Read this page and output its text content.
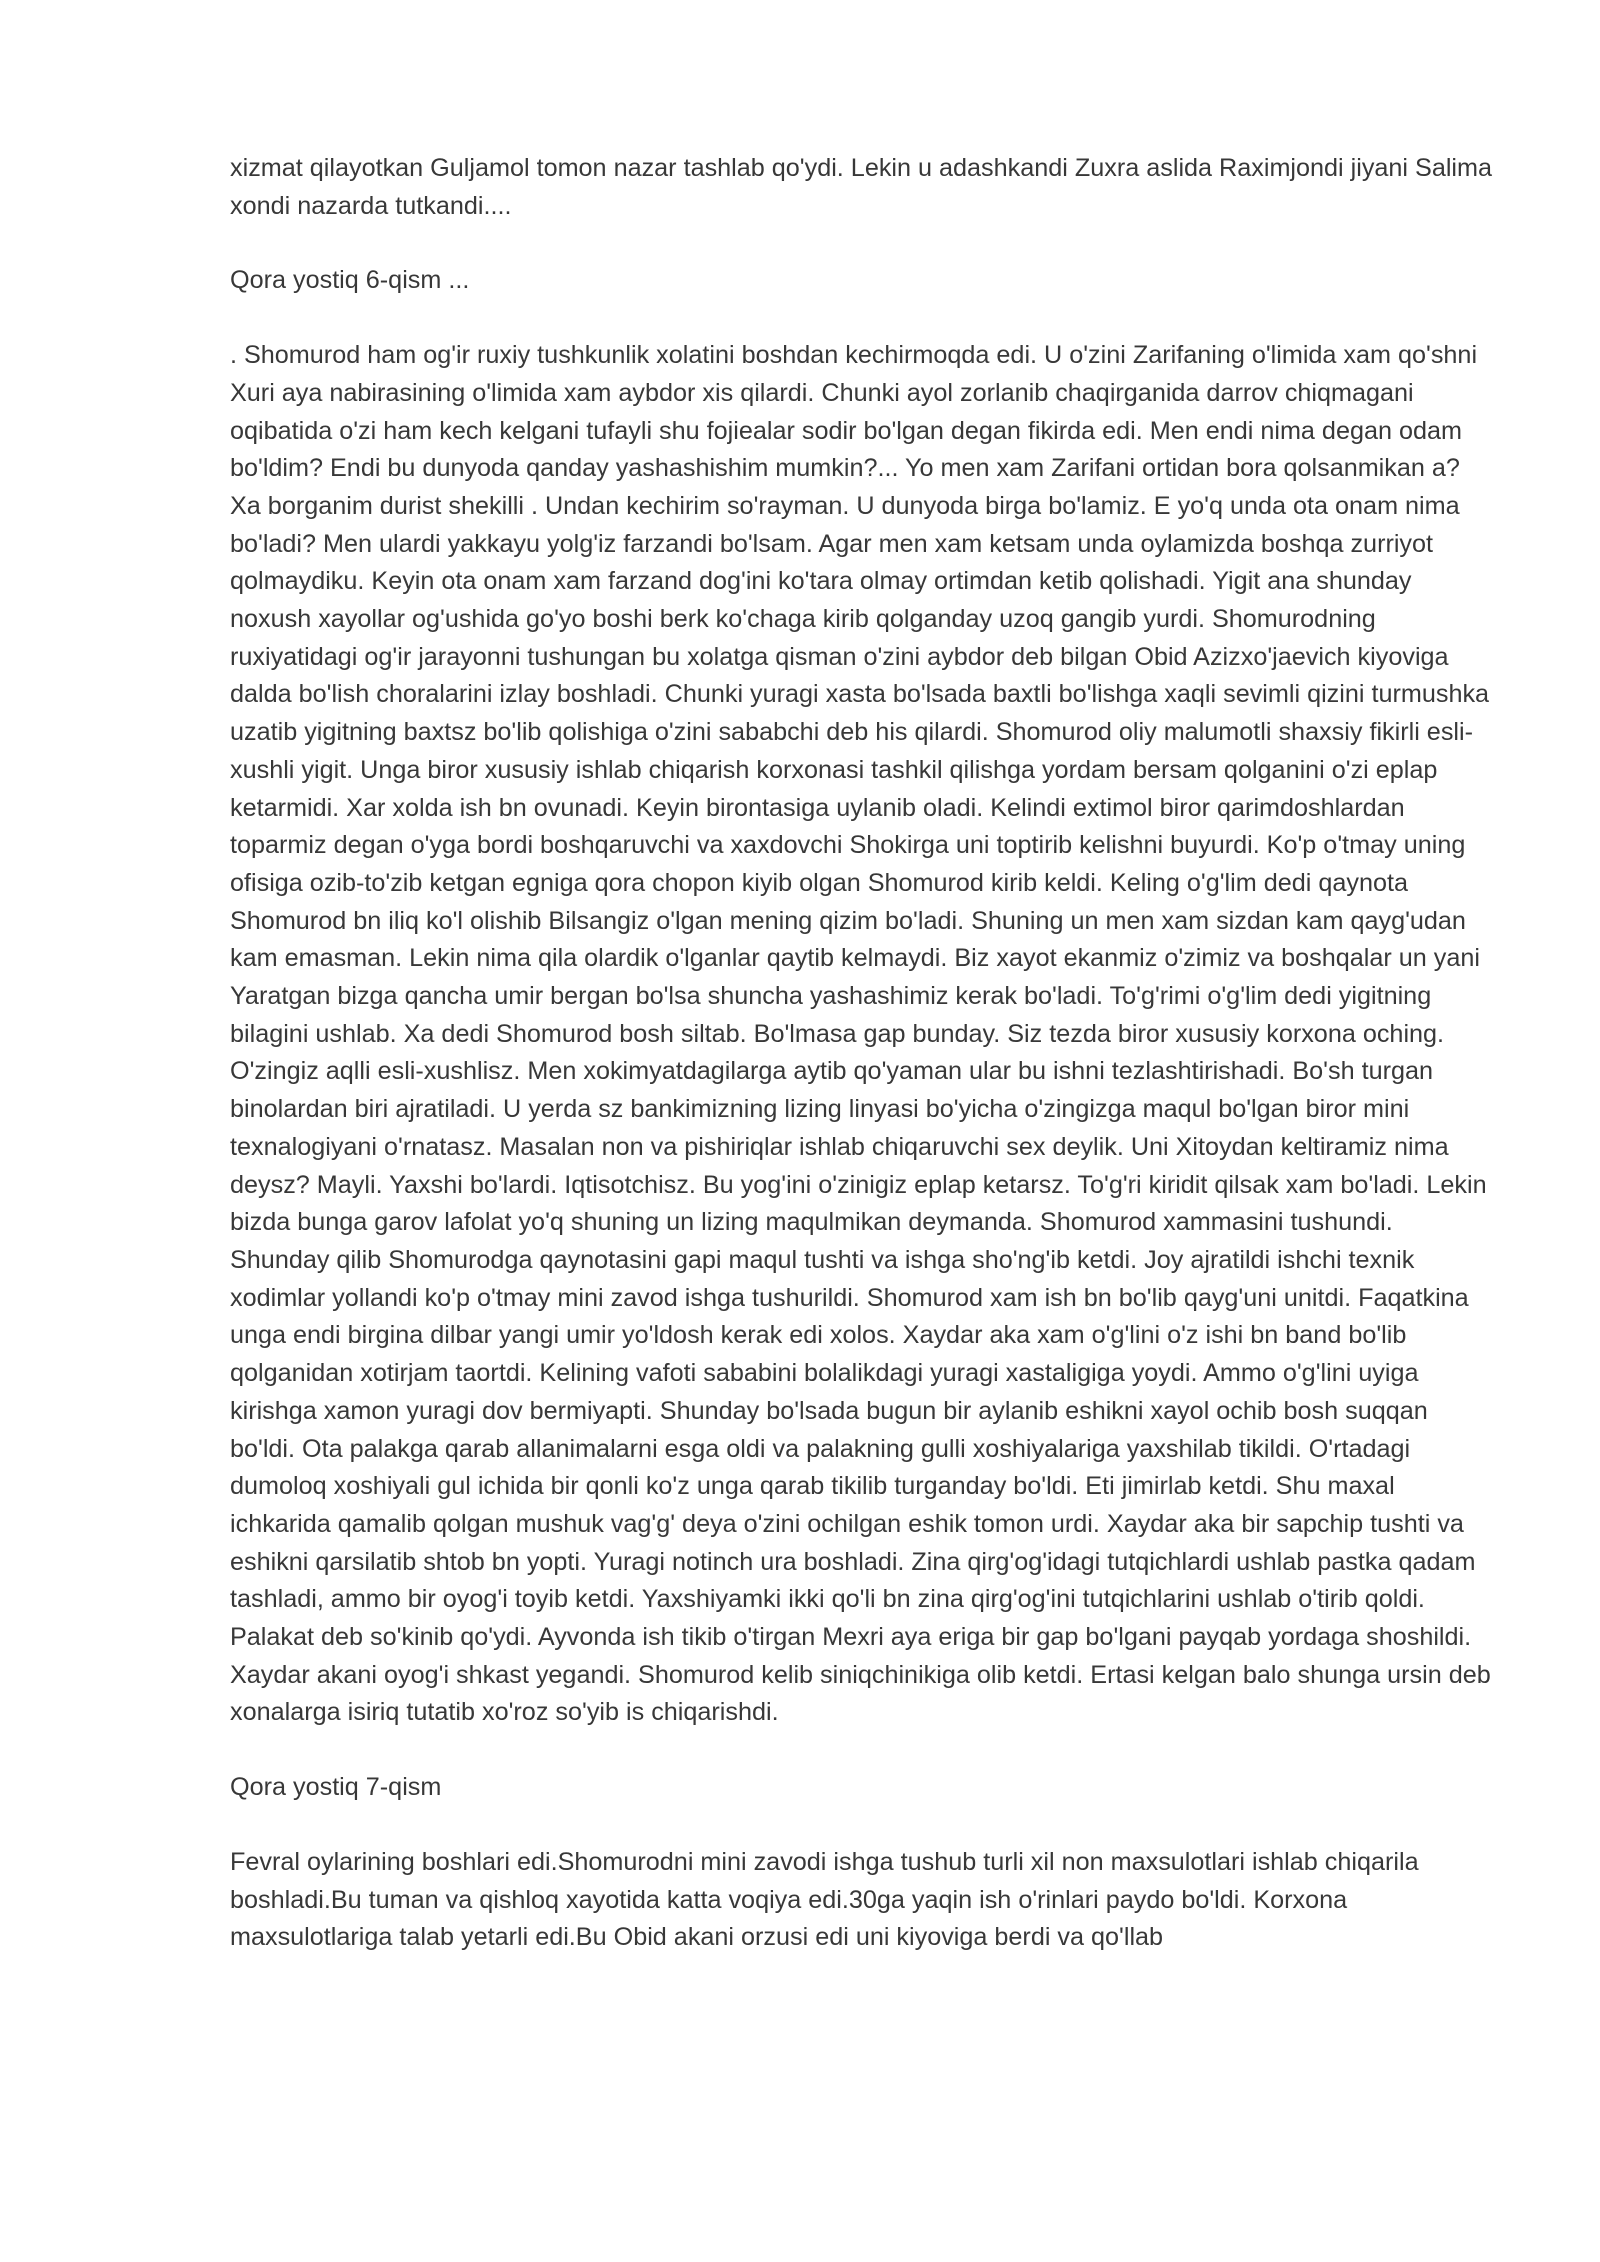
xizmat qilayotkan Guljamol tomon nazar tashlab qo'ydi. Lekin u adashkandi Zuxra aslida Raximjondi jiyani Salima xondi nazarda tutkandi....

Qora yostiq 6-qism ...

. Shomurod ham og'ir ruxiy tushkunlik xolatini boshdan kechirmoqda edi. U o'zini Zarifaning o'limida xam qo'shni Xuri aya nabirasining o'limida xam aybdor xis qilardi. Chunki ayol zorlanib chaqirganida darrov chiqmagani oqibatida o'zi ham kech kelgani tufayli shu fojiealar sodir bo'lgan degan fikirda edi. Men endi nima degan odam bo'ldim? Endi bu dunyoda qanday yashashishim mumkin?... Yo men xam Zarifani ortidan bora qolsanmikan a? Xa borganim durist shekilli . Undan kechirim so'rayman. U dunyoda birga bo'lamiz. E yo'q unda ota onam nima bo'ladi? Men ulardi yakkayu yolg'iz farzandi bo'lsam. Agar men xam ketsam unda oylamizda boshqa zurriyot qolmaydiku. Keyin ota onam xam farzand dog'ini ko'tara olmay ortimdan ketib qolishadi. Yigit ana shunday noxush xayollar og'ushida go'yo boshi berk ko'chaga kirib qolganday uzoq gangib yurdi. Shomurodning ruxiyatidagi og'ir jarayonni tushungan bu xolatga qisman o'zini aybdor deb bilgan Obid Azizxo'jaevich kiyoviga dalda bo'lish choralarini izlay boshladi. Chunki yuragi xasta bo'lsada baxtli bo'lishga xaqli sevimli qizini turmushka uzatib yigitning baxtsz bo'lib qolishiga o'zini sababchi deb his qilardi. Shomurod oliy malumotli shaxsiy fikirli esli-xushli yigit. Unga biror xususiy ishlab chiqarish korxonasi tashkil qilishga yordam bersam qolganini o'zi eplap ketarmidi. Xar xolda ish bn ovunadi. Keyin birontasiga uylanib oladi. Kelindi extimol biror qarimdoshlardan toparmiz degan o'yga bordi boshqaruvchi va xaxdovchi Shokirga uni toptirib kelishni buyurdi. Ko'p o'tmay uning ofisiga ozib-to'zib ketgan egniga qora chopon kiyib olgan Shomurod kirib keldi. Keling o'g'lim dedi qaynota Shomurod bn iliq ko'l olishib Bilsangiz o'lgan mening qizim bo'ladi. Shuning un men xam sizdan kam qayg'udan kam emasman. Lekin nima qila olardik o'lganlar qaytib kelmaydi. Biz xayot ekanmiz o'zimiz va boshqalar un yani Yaratgan bizga qancha umir bergan bo'lsa shuncha yashashimiz kerak bo'ladi. To'g'rimi o'g'lim dedi yigitning bilagini ushlab. Xa dedi Shomurod bosh siltab. Bo'lmasa gap bunday. Siz tezda biror xususiy korxona oching. O'zingiz aqlli esli-xushlisz. Men xokimyatdagilarga aytib qo'yaman ular bu ishni tezlashtirishadi. Bo'sh turgan binolardan biri ajratiladi. U yerda sz bankimizning lizing linyasi bo'yicha o'zingizga maqul bo'lgan biror mini texnalogiyani o'rnatasz. Masalan non va pishiriqlar ishlab chiqaruvchi sex deylik. Uni Xitoydan keltiramiz nima deysz? Mayli. Yaxshi bo'lardi. Iqtisotchisz. Bu yog'ini o'zinigiz eplap ketarsz. To'g'ri kiridit qilsak xam bo'ladi. Lekin bizda bunga garov lafolat yo'q shuning un lizing maqulmikan deymanda. Shomurod xammasini tushundi. Shunday qilib Shomurodga qaynotasini gapi maqul tushti va ishga sho'ng'ib ketdi. Joy ajratildi ishchi texnik xodimlar yollandi ko'p o'tmay mini zavod ishga tushurildi. Shomurod xam ish bn bo'lib qayg'uni unitdi. Faqatkina unga endi birgina dilbar yangi umir yo'ldosh kerak edi xolos. Xaydar aka xam o'g'lini o'z ishi bn band bo'lib qolganidan xotirjam taortdi. Kelining vafoti sababini bolalikdagi yuragi xastaligiga yoydi. Ammo o'g'lini uyiga kirishga xamon yuragi dov bermiyapti. Shunday bo'lsada bugun bir aylanib eshikni xayol ochib bosh suqqan bo'ldi. Ota palakga qarab allanimalarni esga oldi va palakning gulli xoshiyalariga yaxshilab tikildi. O'rtadagi dumoloq xoshiyali gul ichida bir qonli ko'z unga qarab tikilib turganday bo'ldi. Eti jimirlab ketdi. Shu maxal ichkarida qamalib qolgan mushuk vag'g' deya o'zini ochilgan eshik tomon urdi. Xaydar aka bir sapchip tushti va eshikni qarsilatib shtob bn yopti. Yuragi notinch ura boshladi. Zina qirg'og'idagi tutqichlardi ushlab pastka qadam tashladi, ammo bir oyog'i toyib ketdi. Yaxshiyamki ikki qo'li bn zina qirg'og'ini tutqichlarini ushlab o'tirib qoldi. Palakat deb so'kinib qo'ydi. Ayvonda ish tikib o'tirgan Mexri aya eriga bir gap bo'lgani payqab yordaga shoshildi. Xaydar akani oyog'i shkast yegandi. Shomurod kelib siniqchinikiga olib ketdi. Ertasi kelgan balo shunga ursin deb xonalarga isiriq tutatib xo'roz so'yib is chiqarishdi.

Qora yostiq 7-qism

Fevral oylarining boshlari edi.Shomurodni mini zavodi ishga tushub turli xil non maxsulotlari ishlab chiqarila boshladi.Bu tuman va qishloq xayotida katta voqiya edi.30ga yaqin ish o'rinlari paydo bo'ldi. Korxona maxsulotlariga talab yetarli edi.Bu Obid akani orzusi edi uni kiyoviga berdi va qo'llab
